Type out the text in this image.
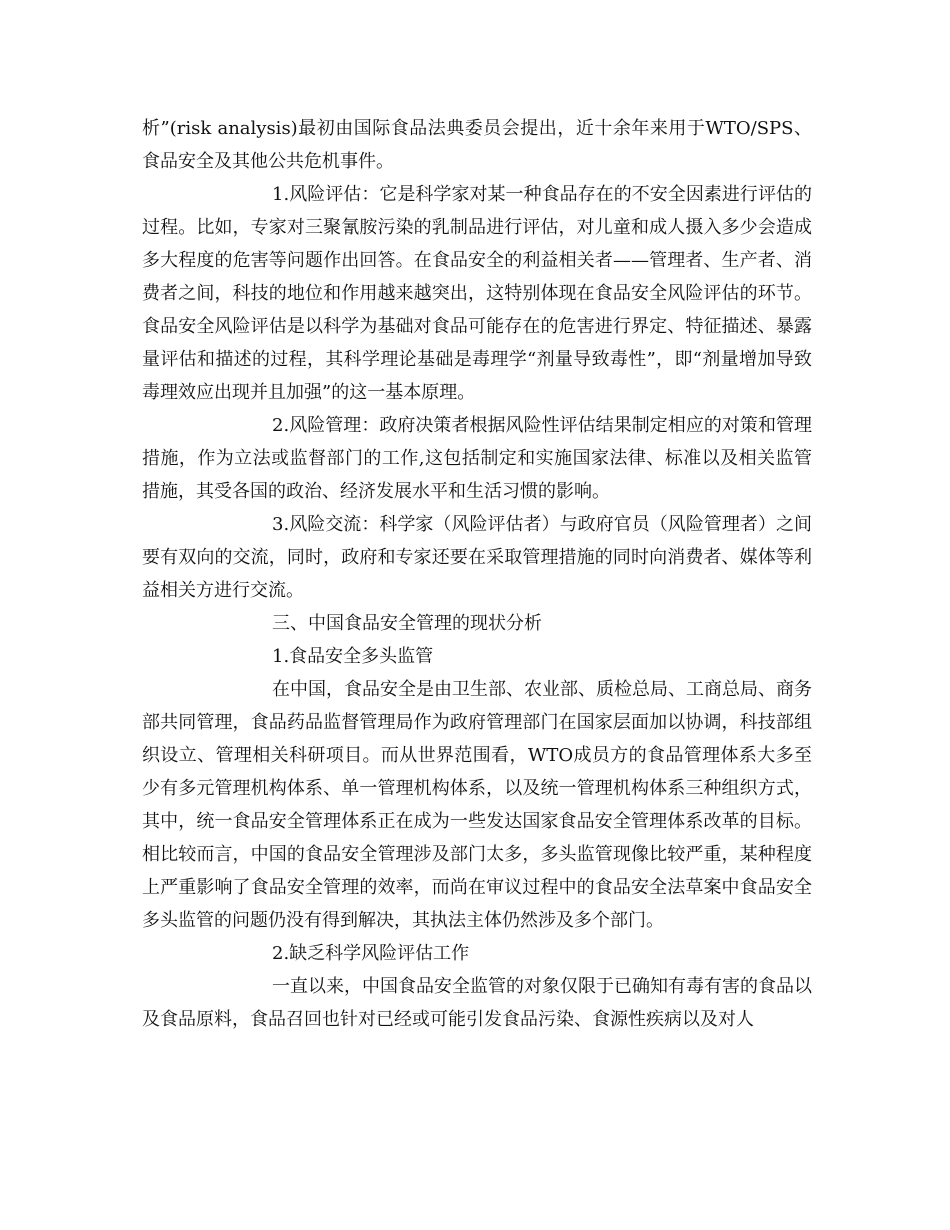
析”(risk analysis)最初由国际食品法典委员会提出，近十余年来用于WTO/SPS、食品安全及其他公共危机事件。

1.风险评估：它是科学家对某一种食品存在的不安全因素进行评估的过程。比如，专家对三聚氰胺污染的乳制品进行评估，对儿童和成人摄入多少会造成多大程度的危害等问题作出回答。在食品安全的利益相关者——管理者、生产者、消费者之间，科技的地位和作用越来越突出，这特别体现在食品安全风险评估的环节。食品安全风险评估是以科学为基础对食品可能存在的危害进行界定、特征描述、暴露量评估和描述的过程，其科学理论基础是毒理学“剂量导致毒性”，即“剂量增加导致毒理效应出现并且加强”的这一基本原理。

2.风险管理：政府决策者根据风险性评估结果制定相应的对策和管理措施，作为立法或监督部门的工作,这包括制定和实施国家法律、标准以及相关监管措施，其受各国的政治、经济发展水平和生活习惯的影响。

3.风险交流：科学家（风险评估者）与政府官员（风险管理者）之间要有双向的交流，同时，政府和专家还要在采取管理措施的同时向消费者、媒体等利益相关方进行交流。

三、中国食品安全管理的现状分析

1.食品安全多头监管

在中国，食品安全是由卫生部、农业部、质检总局、工商总局、商务部共同管理，食品药品监督管理局作为政府管理部门在国家层面加以协调，科技部组织设立、管理相关科研项目。而从世界范围看，WTO成员方的食品管理体系大多至少有多元管理机构体系、单一管理机构体系，以及统一管理机构体系三种组织方式，其中，统一食品安全管理体系正在成为一些发达国家食品安全管理体系改革的目标。相比较而言，中国的食品安全管理涉及部门太多，多头监管现像比较严重，某种程度上严重影响了食品安全管理的效率，而尚在审议过程中的食品安全法草案中食品安全多头监管的问题仍没有得到解决，其执法主体仍然涉及多个部门。

2.缺乏科学风险评估工作

一直以来，中国食品安全监管的对象仅限于已确知有毒有害的食品以及食品原料，食品召回也针对已经或可能引发食品污染、食源性疾病以及对人
